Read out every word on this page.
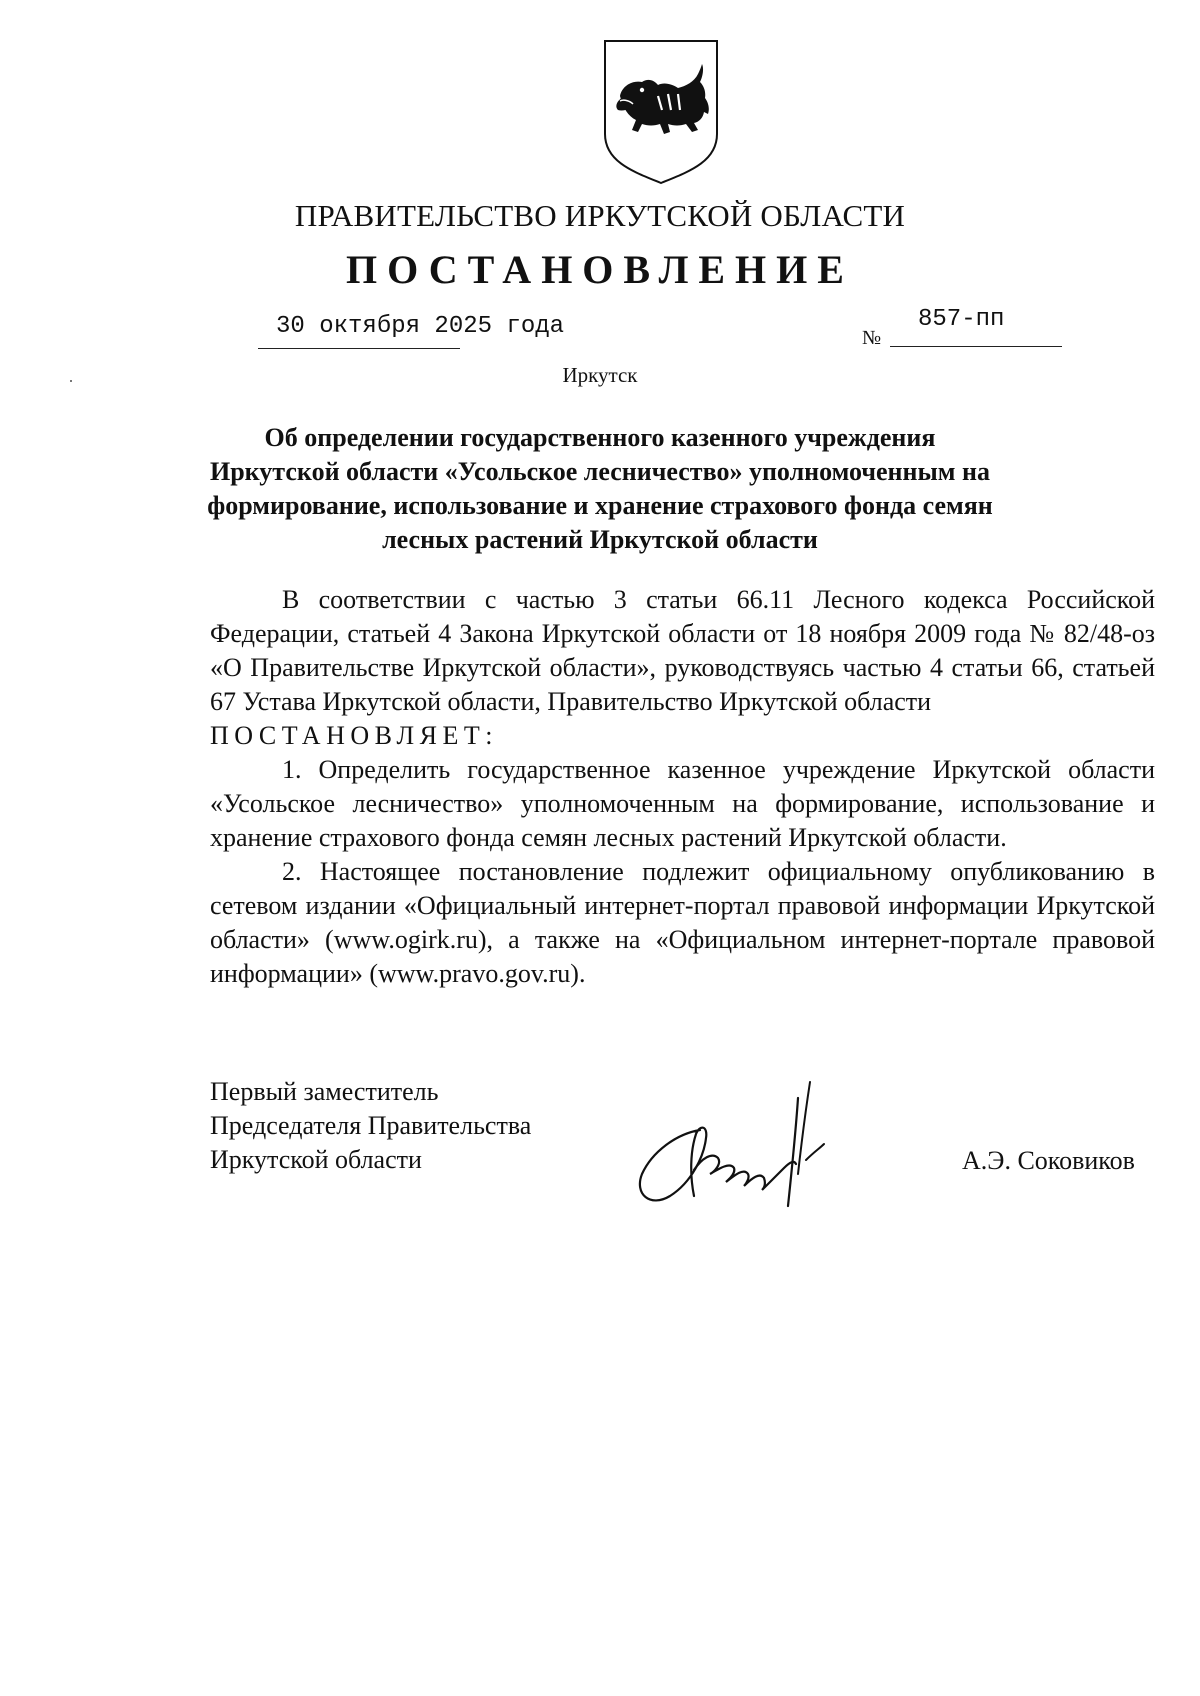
ПРАВИТЕЛЬСТВО ИРКУТСКОЙ ОБЛАСТИ
ПОСТАНОВЛЕНИЕ
30 октября 2025 года	№
857-пп
Иркутск
Об определении государственного казенного учреждения Иркутской области «Усольское лесничество» уполномоченным на формирование, использование и хранение страхового фонда семян лесных растений Иркутской области

В соответствии с частью 3 статьи 66.11 Лесного кодекса Российской Федерации, статьей 4 Закона Иркутской области от 18 ноября 2009 года № 82/48-оз «О Правительстве Иркутской области», руководствуясь частью 4 статьи 66, статьей 67 Устава Иркутской области, Правительство Иркутской области

ПОСТАНОВЛЯЕТ:

1. Определить государственное казенное учреждение Иркутской области «Усольское лесничество» уполномоченным на формирование, использование и хранение страхового фонда семян лесных растений Иркутской области.

2. Настоящее постановление подлежит официальному опубликованию в сетевом издании «Официальный интернет-портал правовой информации Иркутской области» (www.ogirk.ru), а также на «Официальном интернет-портале правовой информации» (www.pravo.gov.ru).

Первый заместитель
Председателя Правительства
Иркутской области	А.Э. Соковиков
